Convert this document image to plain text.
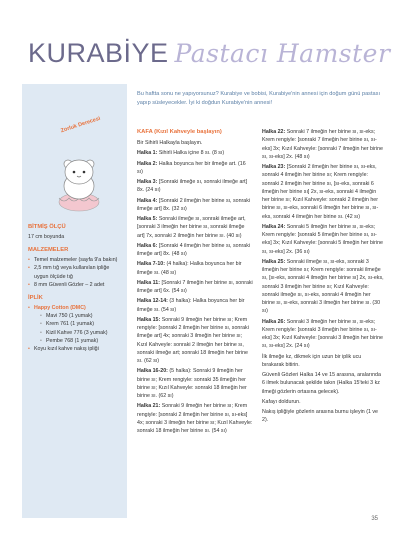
KURABİYE Pastacı Hamster
Zorluk Derecesi
BİTMİŞ ÖLÇÜ

17 cm boyunda

MALZEMELER
• Temel malzemeler (sayfa 9'a bakın)
• 2,5 mm tığ veya kullanılan ipliğe uygun ölçüde tığ
• 8 mm Güvenli Gözler – 2 adet
İPLİK
• Happy Cotton (DMC)
• Mavi 750 (1 yumak)
• Krem 761 (1 yumak)
• Kizil Kahve 776 (3 yumak)
• Pembe 768 (1 yumak)
• Koyu kızıl kahve nakış ipliği
Bu haftta sonu ne yapıyorsunuz? Kurabiye ve bobisi, Kurabiye'nin annesi için doğum günü pastası yapıp süsleyecekler. İyi ki doğdun Kurabiye'nin annesi!

KAFA (Kızıl Kahveyle başlayın)

Bir Sihirli Halkayla başlayın.

Halka 1: Sihirli Halka içine 8 sı. (8 sı)

Halka 2: Halka boyunca her bir ilmeğe art. (16 sı)

Halka 3: [Sonraki ilmeğe sı, sonraki ilmeğe art] 8x. (24 sı)

Halka 4: [Sonraki 2 ilmeğin her birine sı, sonraki ilmeğe art] 8x. (32 sı)

Halka 5: Sonraki ilmeğe sı, sonraki ilmeğe art, [sonraki 3 ilmeğin her birine sı, sonraki ilmeğe art] 7x, sonraki 2 ilmeğin her birine sı. (40 sı)

Halka 6: [Sonraki 4 ilmeğin her birine sı, sonraki ilmeğe art] 8x. (48 sı)

Halka 7-10: (4 halka): Halka boyunca her bir ilmeğe sı. (48 sı)

Halka 11: [Sonraki 7 ilmeğin her birine sı, sonraki ilmeğe art] 6x. (54 sı)

Halka 12-14: (3 halka): Halka boyunca her bir ilmeğe sı. (54 sı)

Halka 15: Sonraki 9 ilmeğin her birine sı; Krem rengiyle: [sonraki 2 ilmeğin her birine sı, sonraki ilmeğe art] 4x; sonraki 3 ilmeğin her birine sı; Kızıl Kahveyle: sonraki 2 ilmeğin her birine sı, sonraki ilmeğe art; sonraki 18 ilmeğin her birine sı. (62 sı)

Halka 16-20: (5 halka): Sonraki 9 ilmeğin her birine sı; Krem rengiyle: sonraki 35 ilmeğin her birine sı; Kızıl Kahveyle: sonraki 18 ilmeğin her birine sı. (62 sı)

Halka 21: Sonraki 9 ilmeğin her birine sı; Krem rengiyle: [sonraki 2 ilmeğin her birine sı, sı-eks] 4x; sonraki 3 ilmeğin her birine sı; Kızıl Kahveyle: sonraki 18 ilmeğin her birine sı. (54 sı)

Halka 22: Sonraki 7 ilmeğin her birine sı, sı-eks; Krem rengiyle: [sonraki 7 ilmeğin her birine sı, sı-eks] 3x; Kızıl Kahveyle: [sonraki 7 ilmeğin her birine sı, sı-eks] 2x. (48 sı)

Halka 23: [Sonraki 2 ilmeğin her birine sı, sı-eks, sonraki 4 ilmeğin her birine sı; Krem rengiyle: sonraki 2 ilmeğin her birine sı, [sı-eks, sonraki 6 ilmeğin her birine sı] 2x, sı-eks, sonraki 4 ilmeğin her birine sı; Kızıl Kahveyle: sonraki 2 ilmeğin her birine sı, sı-eks, sonraki 6 ilmeğin her birine sı, sı-eks, sonraki 4 ilmeğin her birine sı. (42 sı)

Halka 24: Sonraki 5 ilmeğin her birine sı, sı-eks; Krem rengiyle: [sonraki 5 ilmeğin her birine sı, sı-eks] 3x; Kızıl Kahveyle: [sonraki 5 ilmeğin her birine sı, sı-eks] 2x. (36 sı)

Halka 25: Sonraki ilmeğe sı, sı-eks, sonraki 3 ilmeğin her birine sı; Krem rengiyle: sonraki ilmeğe sı, [sı-eks, sonraki 4 ilmeğin her birine sı] 2x, sı-eks, sonraki 3 ilmeğin her birine sı; Kızıl Kahveyle: sonraki ilmeğe sı, sı-eks, sonraki 4 ilmeğin her birine sı, sı-eks, sonraki 3 ilmeğin her birine sı. (30 sı)

Halka 26: Sonraki 3 ilmeğin her birine sı, sı-eks; Krem rengiyle: [sonraki 3 ilmeğin her birine sı, sı-eks] 3x; Kızıl Kahveyle: [sonraki 3 ilmeğin her birine sı, sı-eks] 2x. (24 sı)

İlk ilmeğe kz, dikmek için uzun bir iplik ucu bırakarak bitirin.

Güvenli Gözleri Halka 14 ve 15 arasına, aralarında 6 ilmek bulunacak şekilde takın (Halka 15'teki 3 kz ilmeği gözlerin ortasına gelecek).

Kafayı doldurun.

Nakış ipliğiyle gözlerin arasına burnu işleyin (1 ve 2).

35
